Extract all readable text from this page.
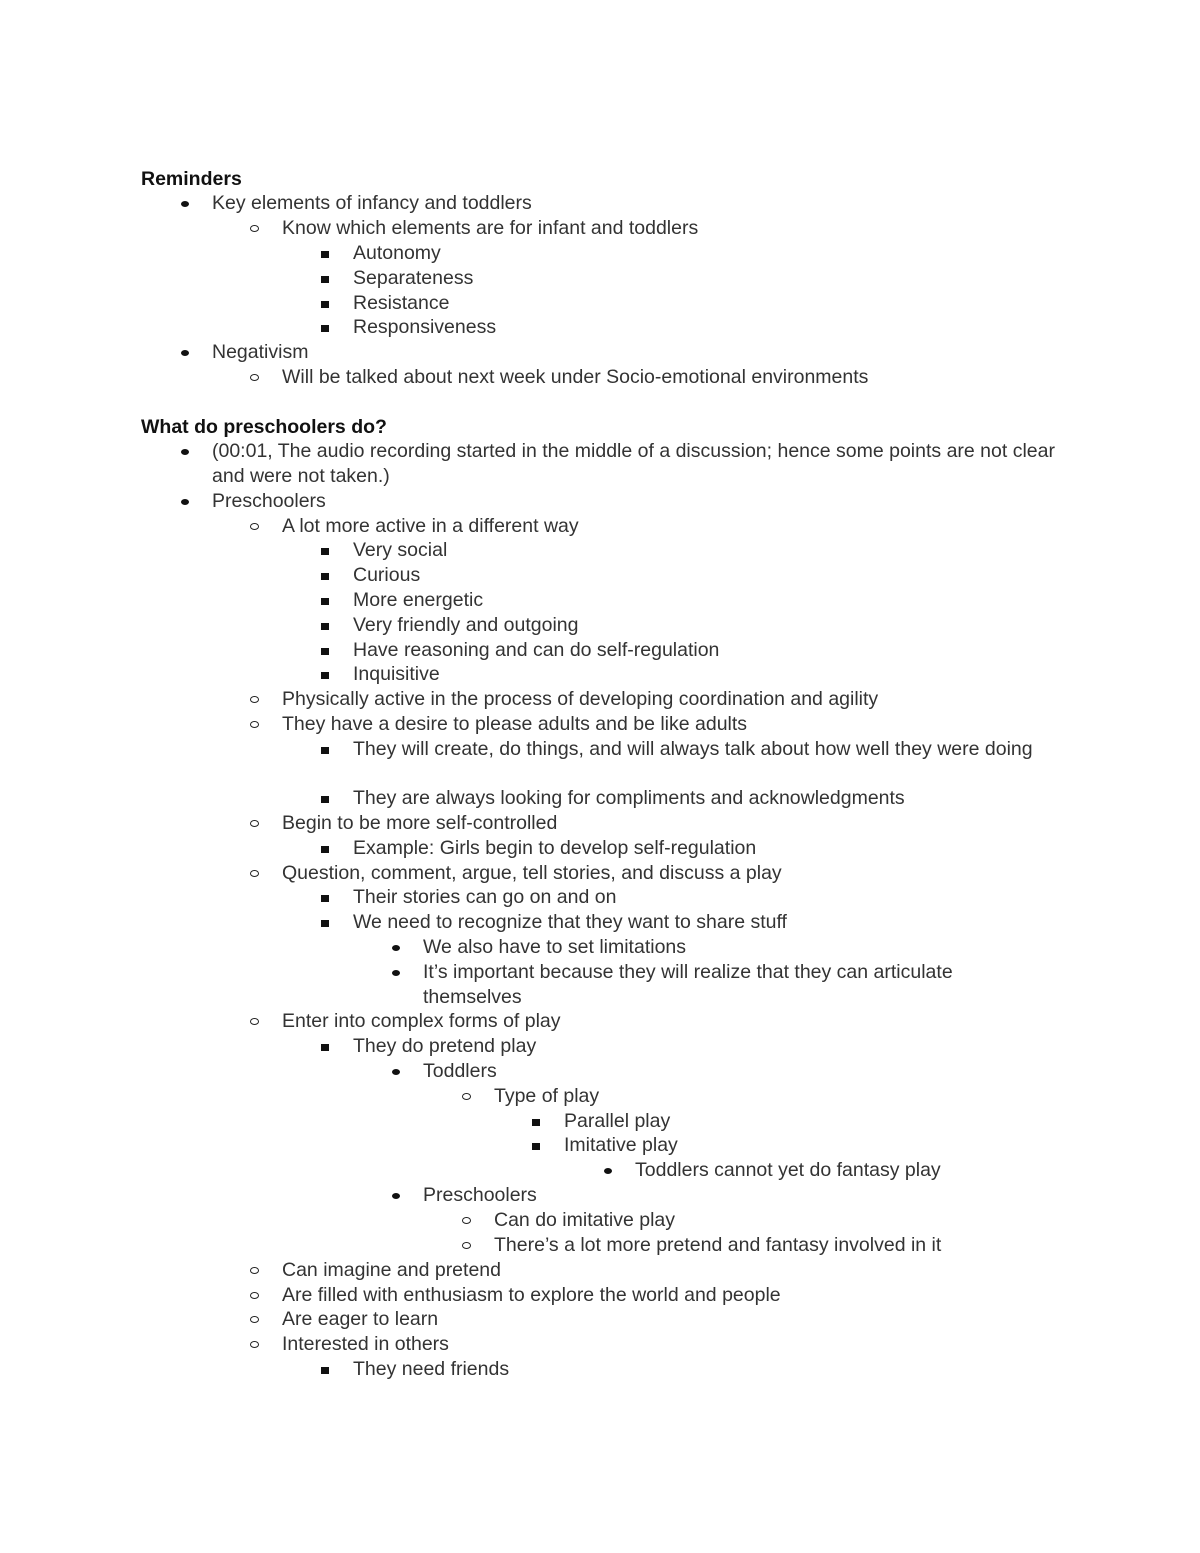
Reminders
Key elements of infancy and toddlers
Know which elements are for infant and toddlers
Autonomy
Separateness
Resistance
Responsiveness
Negativism
Will be talked about next week under Socio-emotional environments
What do preschoolers do?
(00:01, The audio recording started in the middle of a discussion; hence some points are not clear and were not taken.)
Preschoolers
A lot more active in a different way
Very social
Curious
More energetic
Very friendly and outgoing
Have reasoning and can do self-regulation
Inquisitive
Physically active in the process of developing coordination and agility
They have a desire to please adults and be like adults
They will create, do things, and will always talk about how well they were doing
They are always looking for compliments and acknowledgments
Begin to be more self-controlled
Example: Girls begin to develop self-regulation
Question, comment, argue, tell stories, and discuss a play
Their stories can go on and on
We need to recognize that they want to share stuff
We also have to set limitations
It’s important because they will realize that they can articulate themselves
Enter into complex forms of play
They do pretend play
Toddlers
Type of play
Parallel play
Imitative play
Toddlers cannot yet do fantasy play
Preschoolers
Can do imitative play
There’s a lot more pretend and fantasy involved in it
Can imagine and pretend
Are filled with enthusiasm to explore the world and people
Are eager to learn
Interested in others
They need friends
